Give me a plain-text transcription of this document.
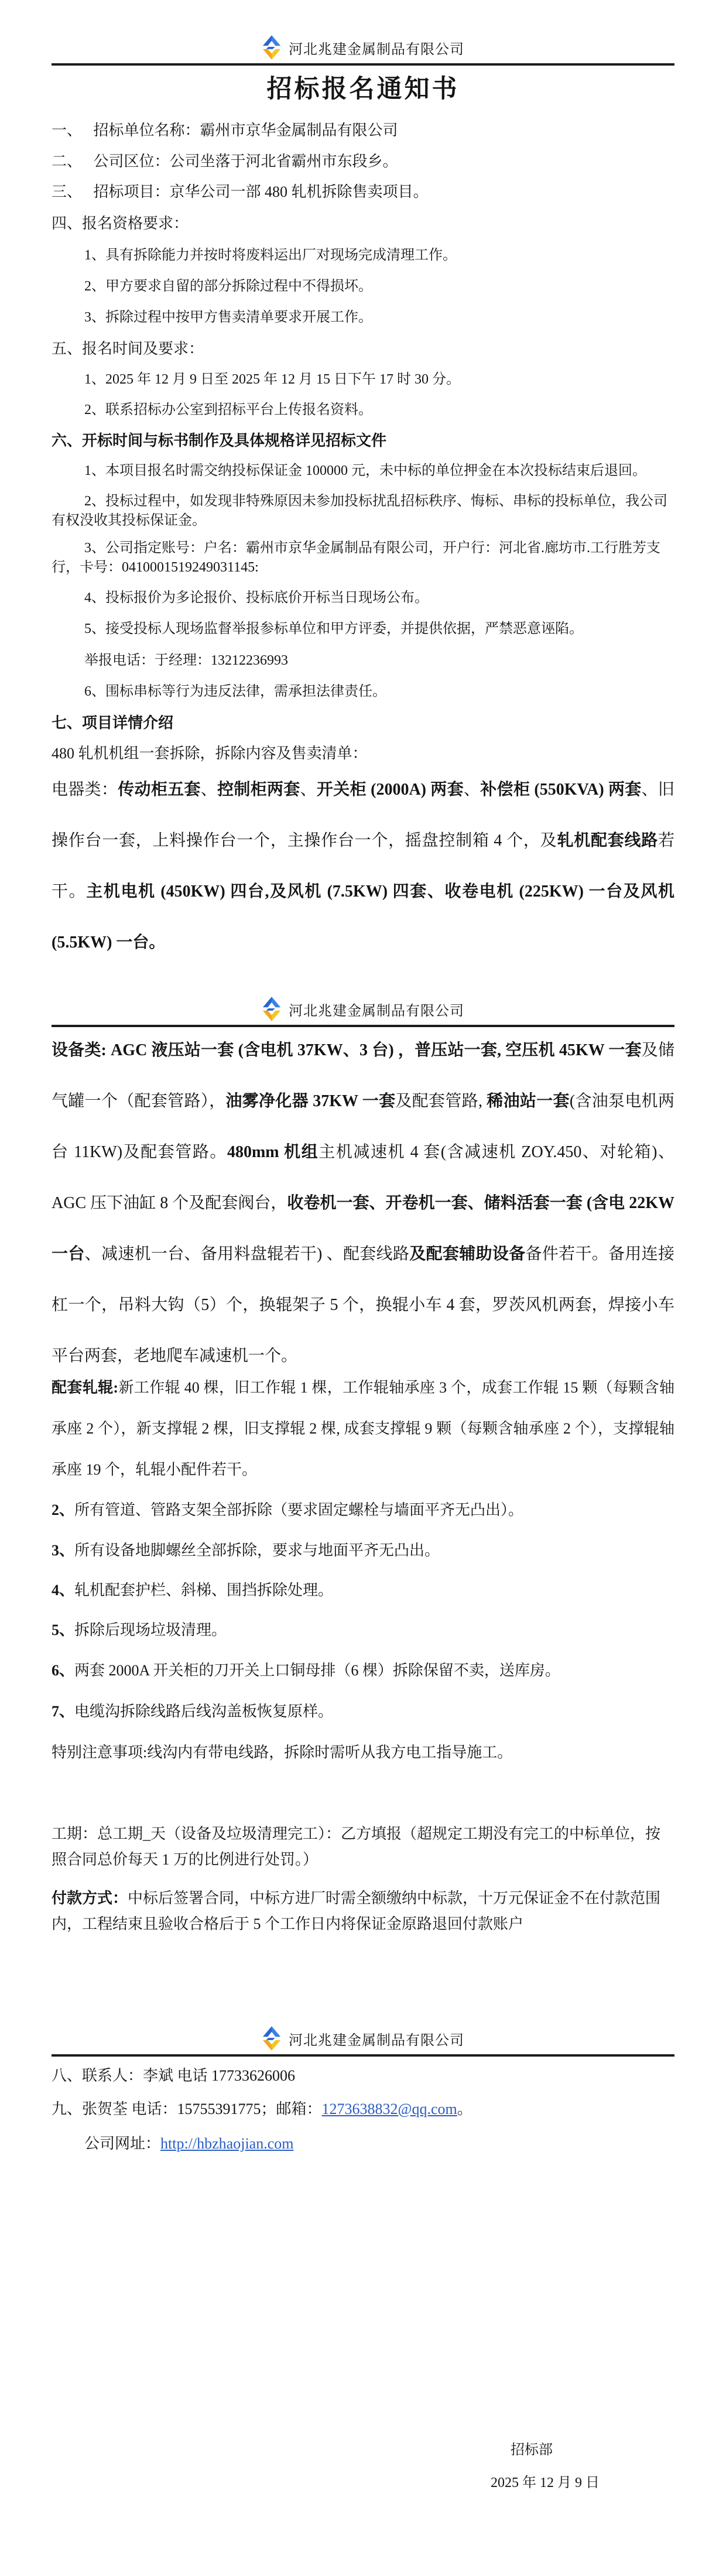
河北兆建金属制品有限公司
招标报名通知书
一、　 招标单位名称：霸州市京华金属制品有限公司
二、　 公司区位：公司坐落于河北省霸州市东段乡。
三、　 招标项目：京华公司一部 480 轧机拆除售卖项目。
四、报名资格要求：
1、具有拆除能力并按时将废料运出厂对现场完成清理工作。
2、甲方要求自留的部分拆除过程中不得损坏。
3、拆除过程中按甲方售卖清单要求开展工作。
五、报名时间及要求：
1、2025 年 12 月 9 日至 2025 年 12 月 15 日下午 17 时 30 分。
2、联系招标办公室到招标平台上传报名资料。
六、开标时间与标书制作及具体规格详见招标文件
1、本项目报名时需交纳投标保证金 100000 元，未中标的单位押金在本次投标结束后退回。
2、投标过程中，如发现非特殊原因未参加投标扰乱招标秩序、悔标、串标的投标单位，我公司有权没收其投标保证金。
3、公司指定账号：户名：霸州市京华金属制品有限公司，开户行：河北省.廊坊市.工行胜芳支行，卡号：0410001519249031145:
4、投标报价为多论报价、投标底价开标当日现场公布。
5、接受投标人现场监督举报参标单位和甲方评委，并提供依据，严禁恶意诬陷。
举报电话：于经理：13212236993
6、围标串标等行为违反法律，需承担法律责任。
七、项目详情介绍
480 轧机机组一套拆除，拆除内容及售卖清单：
电器类：传动柜五套、控制柜两套、开关柜 (2000A) 两套、补偿柜 (550KVA) 两套、旧操作台一套，上料操作台一个，主操作台一个，摇盘控制箱 4 个，及轧机配套线路若干。主机电机 (450KW) 四台,及风机 (7.5KW) 四套、收卷电机 (225KW) 一台及风机 (5.5KW) 一台。
河北兆建金属制品有限公司
设备类: AGC 液压站一套 (含电机 37KW、3 台) ，普压站一套, 空压机 45KW 一套及储气罐一个（配套管路），油雾净化器 37KW 一套及配套管路, 稀油站一套(含油泵电机两台 11KW)及配套管路。480mm 机组主机减速机 4 套(含减速机 ZOY.450、对轮箱)、AGC 压下油缸 8 个及配套阀台，收卷机一套、开卷机一套、储料活套一套 (含电 22KW 一台、减速机一台、备用料盘辊若干) 、配套线路及配套辅助设备备件若干。备用连接杠一个，吊料大钩（5）个，换辊架子 5 个，换辊小车 4 套，罗茨风机两套，焊接小车平台两套，老地爬车减速机一个。
配套轧辊:新工作辊 40 棵，旧工作辊 1 棵，工作辊轴承座 3 个，成套工作辊 15 颗（每颗含轴承座 2 个），新支撑辊 2 棵，旧支撑辊 2 棵, 成套支撑辊 9 颗（每颗含轴承座 2 个），支撑辊轴承座 19 个，轧辊小配件若干。
2、所有管道、管路支架全部拆除（要求固定螺栓与墙面平齐无凸出）。
3、所有设备地脚螺丝全部拆除，要求与地面平齐无凸出。
4、轧机配套护栏、斜梯、围挡拆除处理。
5、拆除后现场垃圾清理。
6、两套 2000A 开关柜的刀开关上口铜母排（6 棵）拆除保留不卖，送库房。
7、电缆沟拆除线路后线沟盖板恢复原样。
特别注意事项:线沟内有带电线路，拆除时需听从我方电工指导施工。
工期：总工期_天（设备及垃圾清理完工）：乙方填报（超规定工期没有完工的中标单位，按照合同总价每天 1 万的比例进行处罚。）
付款方式：中标后签署合同，中标方进厂时需全额缴纳中标款，十万元保证金不在付款范围内，工程结束且验收合格后于 5 个工作日内将保证金原路退回付款账户
河北兆建金属制品有限公司
八、联系人：李斌 电话 17733626006
九、张贺荃 电话：15755391775；邮箱：1273638832@qq.com。
公司网址：http://hbzhaojian.com
招标部
2025 年 12 月 9 日
